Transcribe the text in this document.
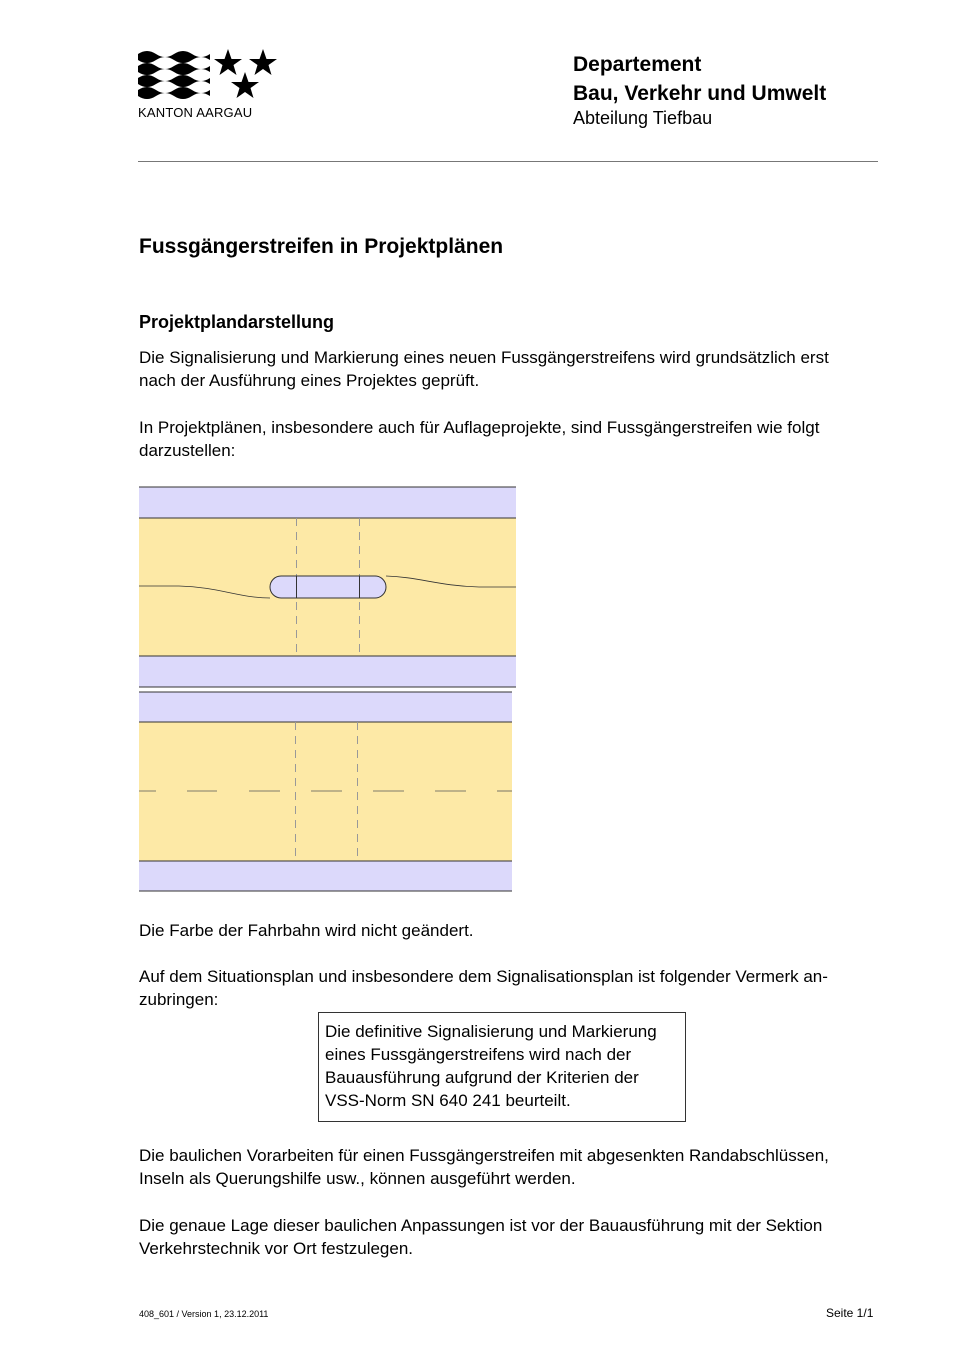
KANTON AARGAU
Departement
Bau, Verkehr und Umwelt
Abteilung Tiefbau
Fussgängerstreifen in Projektplänen
Projektplandarstellung
Die Signalisierung und Markierung eines neuen Fussgängerstreifens wird grundsätzlich erst
nach der Ausführung eines Projektes geprüft.
In Projektplänen, insbesondere auch für Auflageprojekte, sind Fussgängerstreifen wie folgt
darzustellen:
Die Farbe der Fahrbahn wird nicht geändert.
Auf dem Situationsplan und insbesondere dem Signalisationsplan ist folgender Vermerk an-
zubringen:
Die definitive Signalisierung und Markierung
eines Fussgängerstreifens wird nach der
Bauausführung aufgrund der Kriterien der
VSS-Norm SN 640 241 beurteilt.
Die baulichen Vorarbeiten für einen Fussgängerstreifen mit abgesenkten Randabschlüssen,
Inseln als Querungshilfe usw., können ausgeführt werden.
Die genaue Lage dieser baulichen Anpassungen ist vor der Bauausführung mit der Sektion
Verkehrstechnik vor Ort festzulegen.
408_601 / Version 1, 23.12.2011	Seite 1/1
